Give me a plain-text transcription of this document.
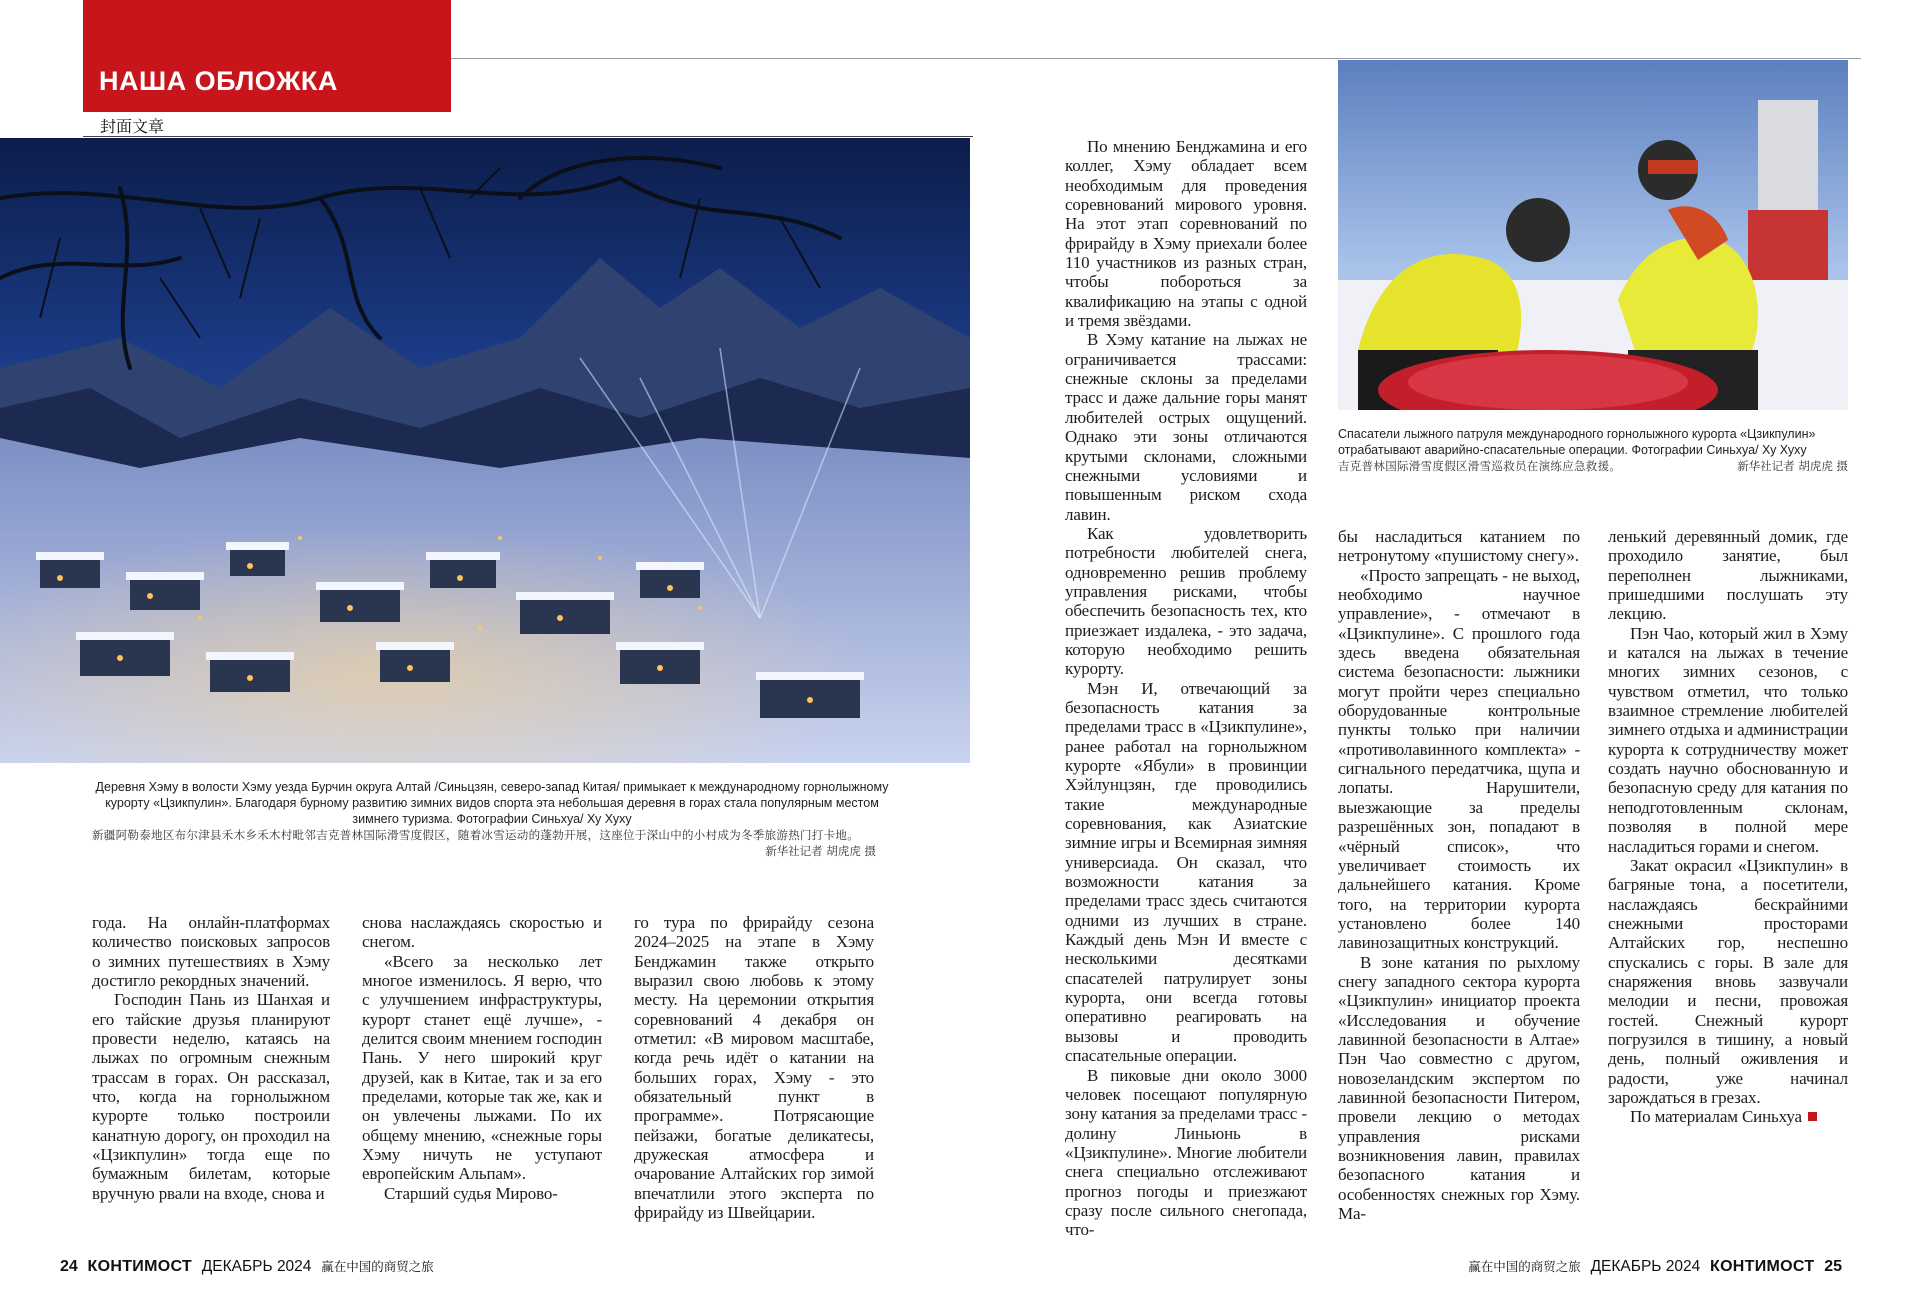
НАША ОБЛОЖКА
封面文章
Деревня Хэму в волости Хэму уезда Бурчин округа Алтай /Синьцзян, северо-запад Китая/ примыкает к международному горнолыжному курорту «Цзикпулин». Благодаря бурному развитию зимних видов спорта эта небольшая деревня в горах стала популярным местом зимнего туризма. Фотографии Синьхуа/ Ху Хуху
新疆阿勒泰地区布尔津县禾木乡禾木村毗邻吉克普林国际滑雪度假区，随着冰雪运动的蓬勃开展，这座位于深山中的小村成为冬季旅游热门打卡地。
新华社记者 胡虎虎 摄
Спасатели лыжного патруля международного горнолыжного курорта «Цзикпулин» отрабатывают аварийно-спасательные операции. Фотографии Синьхуа/ Ху Хуху
吉克普林国际滑雪度假区滑雪巡救员在演练应急救援。	新华社记者 胡虎虎 摄

года. На онлайн-платформах количество поисковых запросов о зимних путешествиях в Хэму достигло рекордных значений.

Господин Пань из Шанхая и его тайские друзья планируют провести неделю, катаясь на лыжах по огромным снежным трассам в горах. Он рассказал, что, когда на горнолыжном курорте только построили канатную дорогу, он проходил на «Цзикпулин» тогда еще по бумажным билетам, которые вручную рвали на входе, снова и

снова наслаждаясь скоростью и снегом.

«Всего за несколько лет многое изменилось. Я верю, что с улучшением инфраструктуры, курорт станет ещё лучше», - делится своим мнением господин Пань. У него широкий круг друзей, как в Китае, так и за его пределами, которые так же, как и он увлечены лыжами. По их общему мнению, «снежные горы Хэму ничуть не уступают европейским Альпам».

Старший судья Мирово-

го тура по фрирайду сезона 2024–2025 на этапе в Хэму Бенджамин также открыто выразил свою любовь к этому месту. На церемонии открытия соревнований 4 декабря он отметил: «В мировом масштабе, когда речь идёт о катании на больших горах, Хэму - это обязательный пункт в программе». Потрясающие пейзажи, богатые деликатесы, дружеская атмосфера и очарование Алтайских гор зимой впечатлили этого эксперта по фрирайду из Швейцарии.

По мнению Бенджамина и его коллег, Хэму обладает всем необходимым для проведения соревнований мирового уровня. На этот этап соревнований по фрирайду в Хэму приехали более 110 участников из разных стран, чтобы побороться за квалификацию на этапы с одной и тремя звёздами.

В Хэму катание на лыжах не ограничивается трассами: снежные склоны за пределами трасс и даже дальние горы манят любителей острых ощущений. Однако эти зоны отличаются крутыми склонами, сложными снежными условиями и повышенным риском схода лавин.

Как удовлетворить потребности любителей снега, одновременно решив проблему управления рисками, чтобы обеспечить безопасность тех, кто приезжает издалека, - это задача, которую необходимо решить курорту.

Мэн И, отвечающий за безопасность катания за пределами трасс в «Цзикпулине», ранее работал на горнолыжном курорте «Ябули» в провинции Хэйлунцзян, где проводились такие международные соревнования, как Азиатские зимние игры и Всемирная зимняя универсиада. Он сказал, что возможности катания за пределами трасс здесь считаются одними из лучших в стране. Каждый день Мэн И вместе с несколькими десятками спасателей патрулирует зоны курорта, они всегда готовы оперативно реагировать на вызовы и проводить спасательные операции.

В пиковые дни около 3000 человек посещают популярную зону катания за пределами трасс - долину Линьюнь в «Цзикпулине». Многие любители снега специально отслеживают прогноз погоды и приезжают сразу после сильного снегопада, что-

бы насладиться катанием по нетронутому «пушистому снегу».

«Просто запрещать - не выход, необходимо научное управление», - отмечают в «Цзикпулине». С прошлого года здесь введена обязательная система безопасности: лыжники могут пройти через специально оборудованные контрольные пункты только при наличии «противолавинного комплекта» - сигнального передатчика, щупа и лопаты. Нарушители, выезжающие за пределы разрешённых зон, попадают в «чёрный список», что увеличивает стоимость их дальнейшего катания. Кроме того, на территории курорта установлено более 140 лавинозащитных конструкций.

В зоне катания по рыхлому снегу западного сектора курорта «Цзикпулин» инициатор проекта «Исследования и обучение лавинной безопасности в Алтае» Пэн Чао совместно с другом, новозеландским экспертом по лавинной безопасности Питером, провели лекцию о методах управления рисками возникновения лавин, правилах безопасного катания и особенностях снежных гор Хэму. Ма-

ленький деревянный домик, где проходило занятие, был переполнен лыжниками, пришедшими послушать эту лекцию.

Пэн Чао, который жил в Хэму и катался на лыжах в течение многих зимних сезонов, с чувством отметил, что только взаимное стремление любителей зимнего отдыха и администрации курорта к сотрудничеству может создать научно обоснованную и безопасную среду для катания по неподготовленным склонам, позволяя в полной мере насладиться горами и снегом.

Закат окрасил «Цзикпулин» в багряные тона, а посетители, наслаждаясь бескрайними снежными просторами Алтайских гор, неспешно спускались с горы. В зале для снаряжения вновь зазвучали мелодии и песни, провожая гостей. Снежный курорт погрузился в тишину, а новый день, полный оживления и радости, уже начинал зарождаться в грезах.

По материалам Синьхуа

24 КОНТИМОСТ ДЕКАБРЬ 2024 赢在中国的商贸之旅	赢在中国的商贸之旅 ДЕКАБРЬ 2024 КОНТИМОСТ 25
